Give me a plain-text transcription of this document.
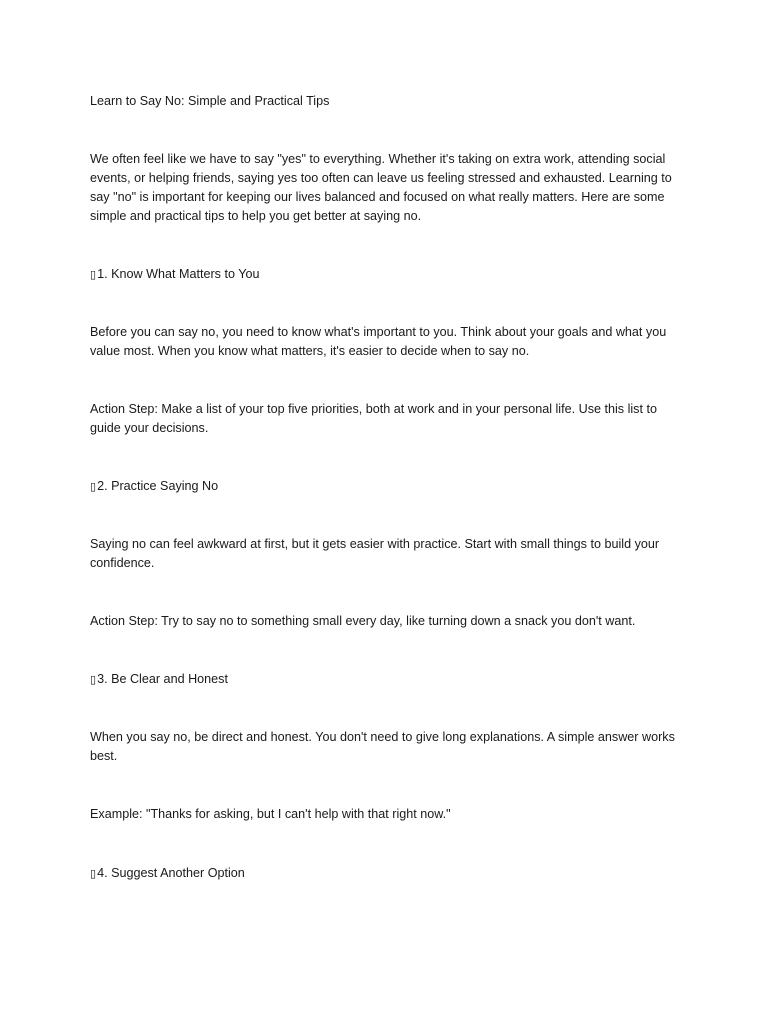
Learn to Say No: Simple and Practical Tips

We often feel like we have to say "yes" to everything. Whether it's taking on extra work, attending social events, or helping friends, saying yes too often can leave us feeling stressed and exhausted. Learning to say "no" is important for keeping our lives balanced and focused on what really matters. Here are some simple and practical tips to help you get better at saying no.

▯1. Know What Matters to You

Before you can say no, you need to know what's important to you. Think about your goals and what you value most. When you know what matters, it's easier to decide when to say no.

Action Step: Make a list of your top five priorities, both at work and in your personal life. Use this list to guide your decisions.

▯2. Practice Saying No

Saying no can feel awkward at first, but it gets easier with practice. Start with small things to build your confidence.

Action Step: Try to say no to something small every day, like turning down a snack you don't want.

▯3. Be Clear and Honest

When you say no, be direct and honest. You don't need to give long explanations. A simple answer works best.

Example: "Thanks for asking, but I can't help with that right now."

▯4. Suggest Another Option
